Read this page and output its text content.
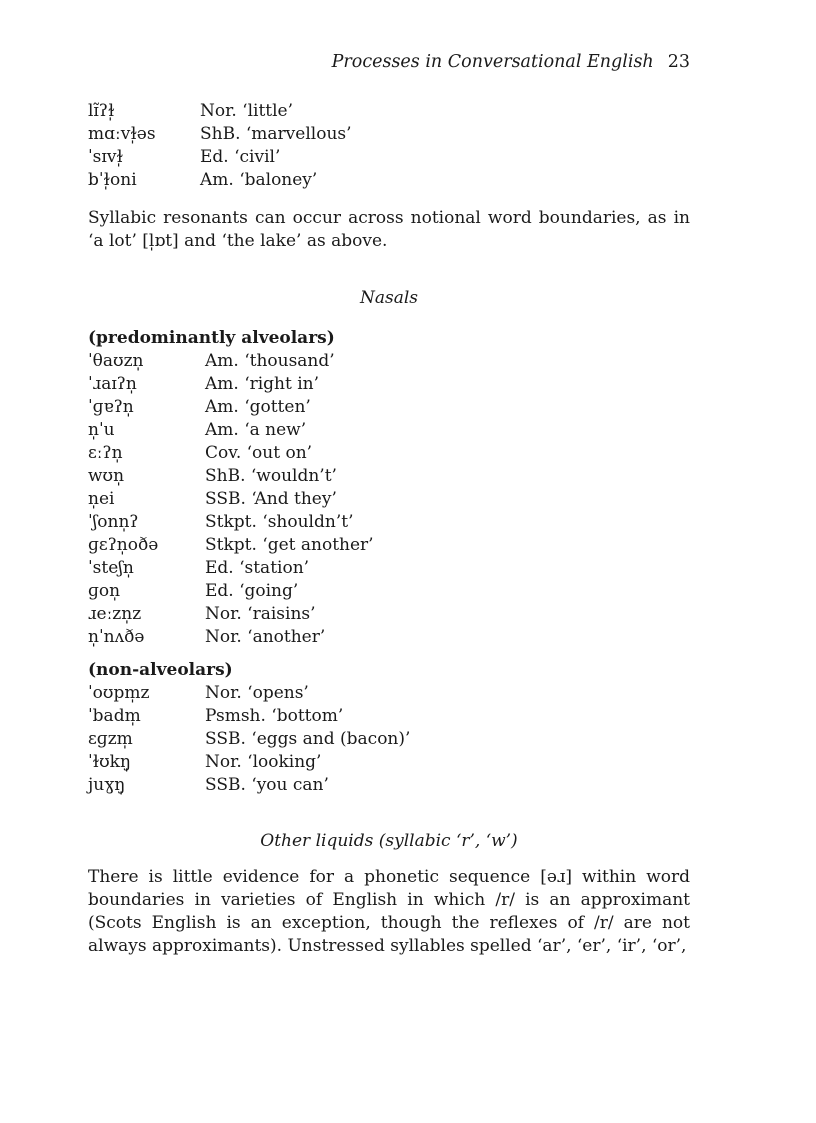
Processes in Conversational English 23
lɪ̃ʔɫ̩	Nor. ‘little’
mɑːvɫ̩əs	ShB. ‘marvellous’
ˈsɪvɫ̩	Ed. ‘civil’
bˈɫ̩oni	Am. ‘baloney’

Syllabic resonants can occur across notional word boundaries, as in ‘a lot’ [l̩ɒt] and ‘the lake’ as above.

Nasals
(predominantly alveolars)
ˈθaʊzn̩	Am. ‘thousand’
ˈɹaɪʔn̩	Am. ‘right in’
ˈɡɐʔn̩	Am. ‘gotten’
n̩ˈu	Am. ‘a new’
ɛːʔn̩	Cov. ‘out on’
wʊn̩	ShB. ‘wouldn’t’
n̩ei	SSB. ‘And they’
ˈʃonn̩ʔ	Stkpt. ‘shouldn’t’
ɡɛʔn̩oðə	Stkpt. ‘get another’
ˈsteʃn̩	Ed. ‘station’
ɡon̩	Ed. ‘going’
ɹeːzn̩z	Nor. ‘raisins’
n̩ˈnʌðə	Nor. ‘another’
(non-alveolars)
ˈoʊpm̩z	Nor. ‘opens’
ˈbadm̩	Psmsh. ‘bottom’
ɛɡzm̩	SSB. ‘eggs and (bacon)’
ˈɫʊkŋ̩	Nor. ‘looking’
juɣŋ̩	SSB. ‘you can’
Other liquids (syllabic ‘r’, ‘w’)

There is little evidence for a phonetic sequence [əɹ] within word boundaries in varieties of English in which /r/ is an approximant (Scots English is an exception, though the reflexes of /r/ are not always approximants). Unstressed syllables spelled ‘ar’, ‘er’, ‘ir’, ‘or’,
